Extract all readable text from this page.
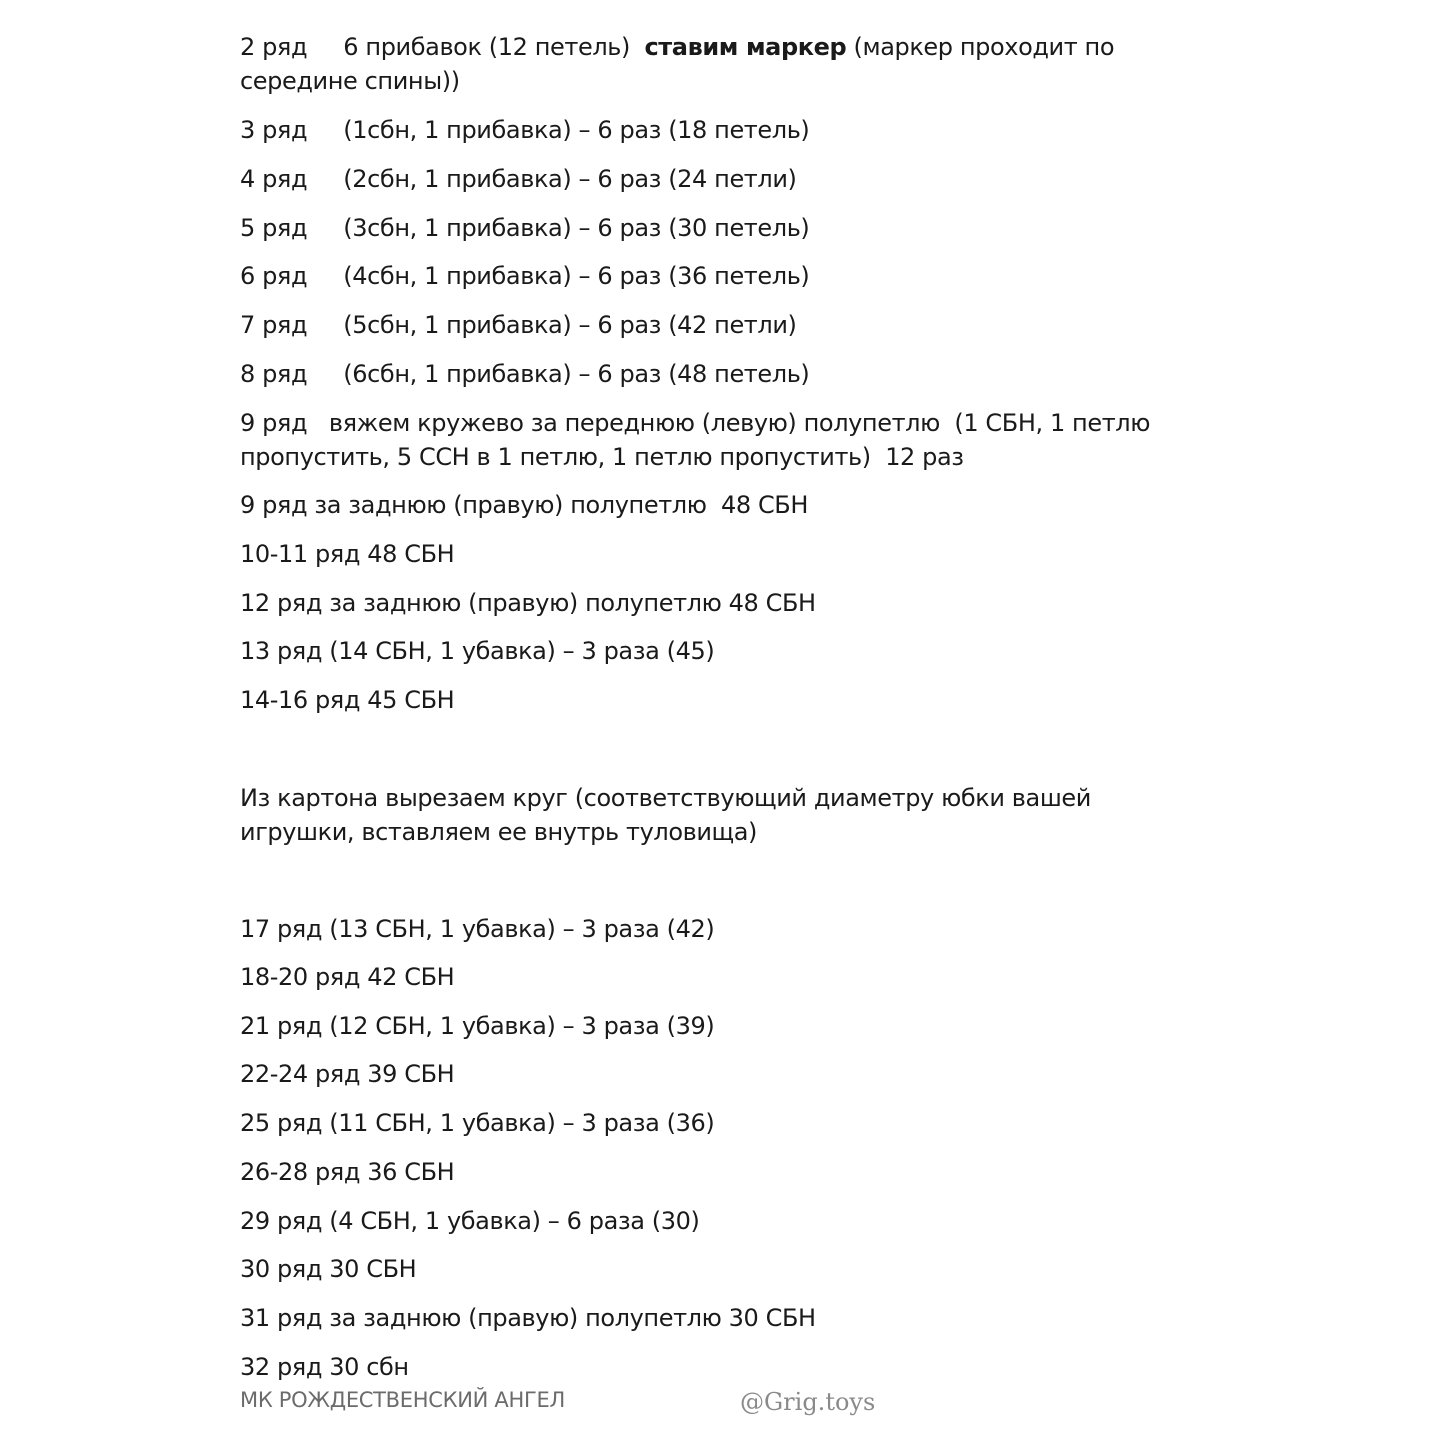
2 ряд     6 прибавок (12 петель)  ставим маркер (маркер проходит по
середине спины))
3 ряд     (1сбн, 1 прибавка) – 6 раз (18 петель)
4 ряд     (2сбн, 1 прибавка) – 6 раз (24 петли)
5 ряд     (3сбн, 1 прибавка) – 6 раз (30 петель)
6 ряд     (4сбн, 1 прибавка) – 6 раз (36 петель)
7 ряд     (5сбн, 1 прибавка) – 6 раз (42 петли)
8 ряд     (6сбн, 1 прибавка) – 6 раз (48 петель)
9 ряд   вяжем кружево за переднюю (левую) полупетлю  (1 СБН, 1 петлю
пропустить, 5 ССН в 1 петлю, 1 петлю пропустить)  12 раз
9 ряд за заднюю (правую) полупетлю  48 СБН
10-11 ряд 48 СБН
12 ряд за заднюю (правую) полупетлю 48 СБН
13 ряд (14 СБН, 1 убавка) – 3 раза (45)
14-16 ряд 45 СБН
Из картона вырезаем круг (соответствующий диаметру юбки вашей
игрушки, вставляем ее внутрь туловища)
17 ряд (13 СБН, 1 убавка) – 3 раза (42)
18-20 ряд 42 СБН
21 ряд (12 СБН, 1 убавка) – 3 раза (39)
22-24 ряд 39 СБН
25 ряд (11 СБН, 1 убавка) – 3 раза (36)
26-28 ряд 36 СБН
29 ряд (4 СБН, 1 убавка) – 6 раза (30)
30 ряд 30 СБН
31 ряд за заднюю (правую) полупетлю 30 СБН
32 ряд 30 сбн
МК РОЖДЕСТВЕНСКИЙ АНГЕЛ	@Grig.toys
